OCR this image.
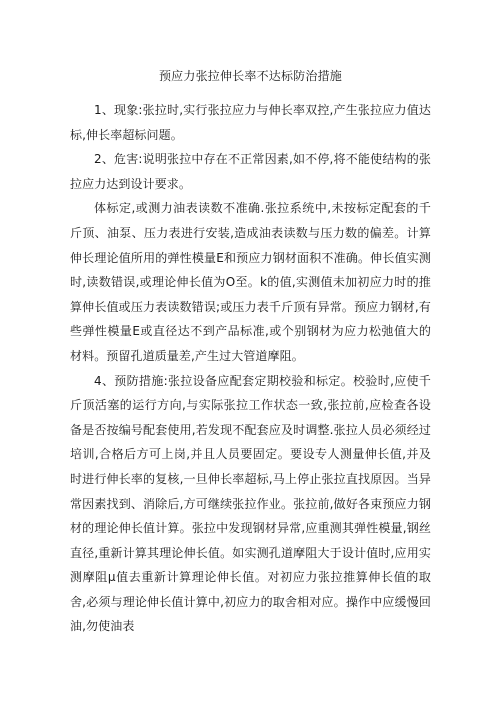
预应力张拉伸长率不达标防治措施

1、现象:张拉时,实行张拉应力与伸长率双控,产生张拉应力值达标,伸长率超标问题。

2、危害:说明张拉中存在不正常因素,如不停,将不能使结构的张拉应力达到设计要求。

体标定,或测力油表读数不准确.张拉系统中,未按标定配套的千斤顶、油泵、压力表进行安装,造成油表读数与压力数的偏差。计算伸长理论值所用的弹性模量E和预应力钢材面积不准确。伸长值实测时,读数错误,或理论伸长值为O至。k的值,实测值未加初应力时的推算伸长值或压力表读数错误;或压力表千斤顶有异常。预应力钢材,有些弹性模量E或直径达不到产品标准,或个别钢材为应力松弛值大的材料。预留孔道质量差,产生过大管道摩阻。

4、预防措施:张拉设备应配套定期校验和标定。校验时,应使千斤顶活塞的运行方向,与实际张拉工作状态一致,张拉前,应检查各设备是否按编号配套使用,若发现不配套应及时调整.张拉人员必须经过培训,合格后方可上岗,并且人员要固定。要设专人测量伸长值,并及时进行伸长率的复核,一旦伸长率超标,马上停止张拉直找原因。当异常因素找到、消除后,方可继续张拉作业。张拉前,做好各束预应力钢材的理论伸长值计算。张拉中发现钢材异常,应重测其弹性模量,钢丝直径,重新计算其理论伸长值。如实测孔道摩阻大于设计值时,应用实测摩阻μ值去重新计算理论伸长值。对初应力张拉推算伸长值的取舍,必须与理论伸长值计算中,初应力的取舍相对应。操作中应缓慢回油,勿使油表
